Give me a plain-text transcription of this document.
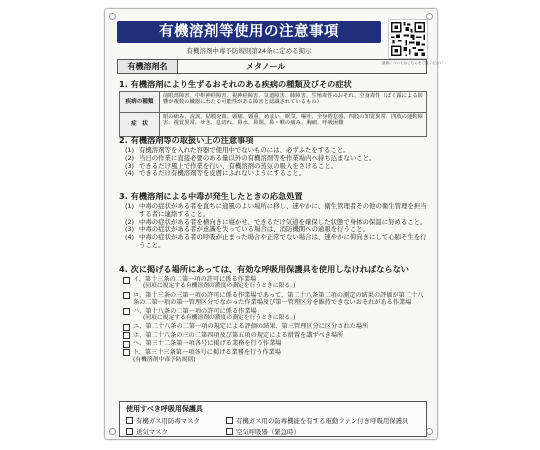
有機溶剤等使用の注意事項
有機溶剤中毒予防規則第24条に定める掲示
最新についてはこちらをご覧ください
有機溶剤名	メタノール
1. 有機溶剤により生ずるおそれのある疾病の種類及びその症状
疾病の種類
前眼部障害、中枢神経障害、視神経障害、気道障害、肺障害、生殖毒性のおそれ、全身毒性（ばく露による影響が複数の臓器にわたる可能性がある障害と認識されているもの）
症　状
眼の痛み、流涙、結膜充血、頭痛、頭重、めまい、眠気、嘔吐、全身倦怠感、四肢の知覚異常、四肢の運動障害、視覚異常、せき、息切れ、鼻水、鼻閉、鼻・喉の痛み、胸痛、呼吸困難
2. 有機溶剤等の取扱い上の注意事項
(1) 有機溶剤等を入れた容器で使用中でないものには、必ずふたをすること。
(2) 当日の作業に直接必要のある量以外の有機溶剤等を作業場内へ持ち込まないこと。
(3) できるだけ風上で作業を行い、有機溶剤の蒸気の吸入をさけること。
(4) できるだけ有機溶剤等を皮膚にふれないようにすること。
3. 有機溶剤による中毒が発生したときの応急処置
(1) 中毒の症状がある者を直ちに通風のよい場所に移し、速やかに、衛生管理者その他の衛生管理を担当する者に連絡すること。
(2) 中毒の症状がある者を横向きに寝かせ、できるだけ気道を確保した状態で身体の保温に努めること。
(3) 中毒の症状がある者が意識を失っている場合は、消防機関への通報を行うこと。
(4) 中毒の症状がある者の呼吸が止まった場合や正常でない場合は、速やかに仰向きにして心肺そ生を行うこと。
4. 次に掲げる場所にあっては、有効な呼吸用保護具を使用しなければならない
イ、第十三条の二第一項の許可に係る作業場
(同項に規定する有機溶剤の濃度の測定を行うときに限る。)
ロ、第十三条の三第一項の許可に係る作業場であって、第二十八条第二項の測定の結果の評価が第二十八条の二第一項の第一管理区分でなかった作業場及び第一管理区分を維持できないおそれがある作業場
ハ、第十八条の二第一項の許可に係る作業場
(同項に規定する有機溶剤の濃度の測定を行うときに限る。)
ニ、第二十八条の二第一項の規定による評価の結果、第三管理区分に区分された場所
ホ、第二十八条の三の二第四項及び第五項の規定による措置を講ずべき場所
ヘ、第三十二条第一項各号に掲げる業務を行う作業場
ト、第三十三条第一項各号に掲げる業務を行う作業場
(有機溶剤中毒予防規則)
使用すべき呼吸用保護具
有機ガス用防毒マスク	有機ガス用の防毒機能を有する電動ファン付き呼吸用保護具
送気マスク	空気呼吸器（緊急時）
